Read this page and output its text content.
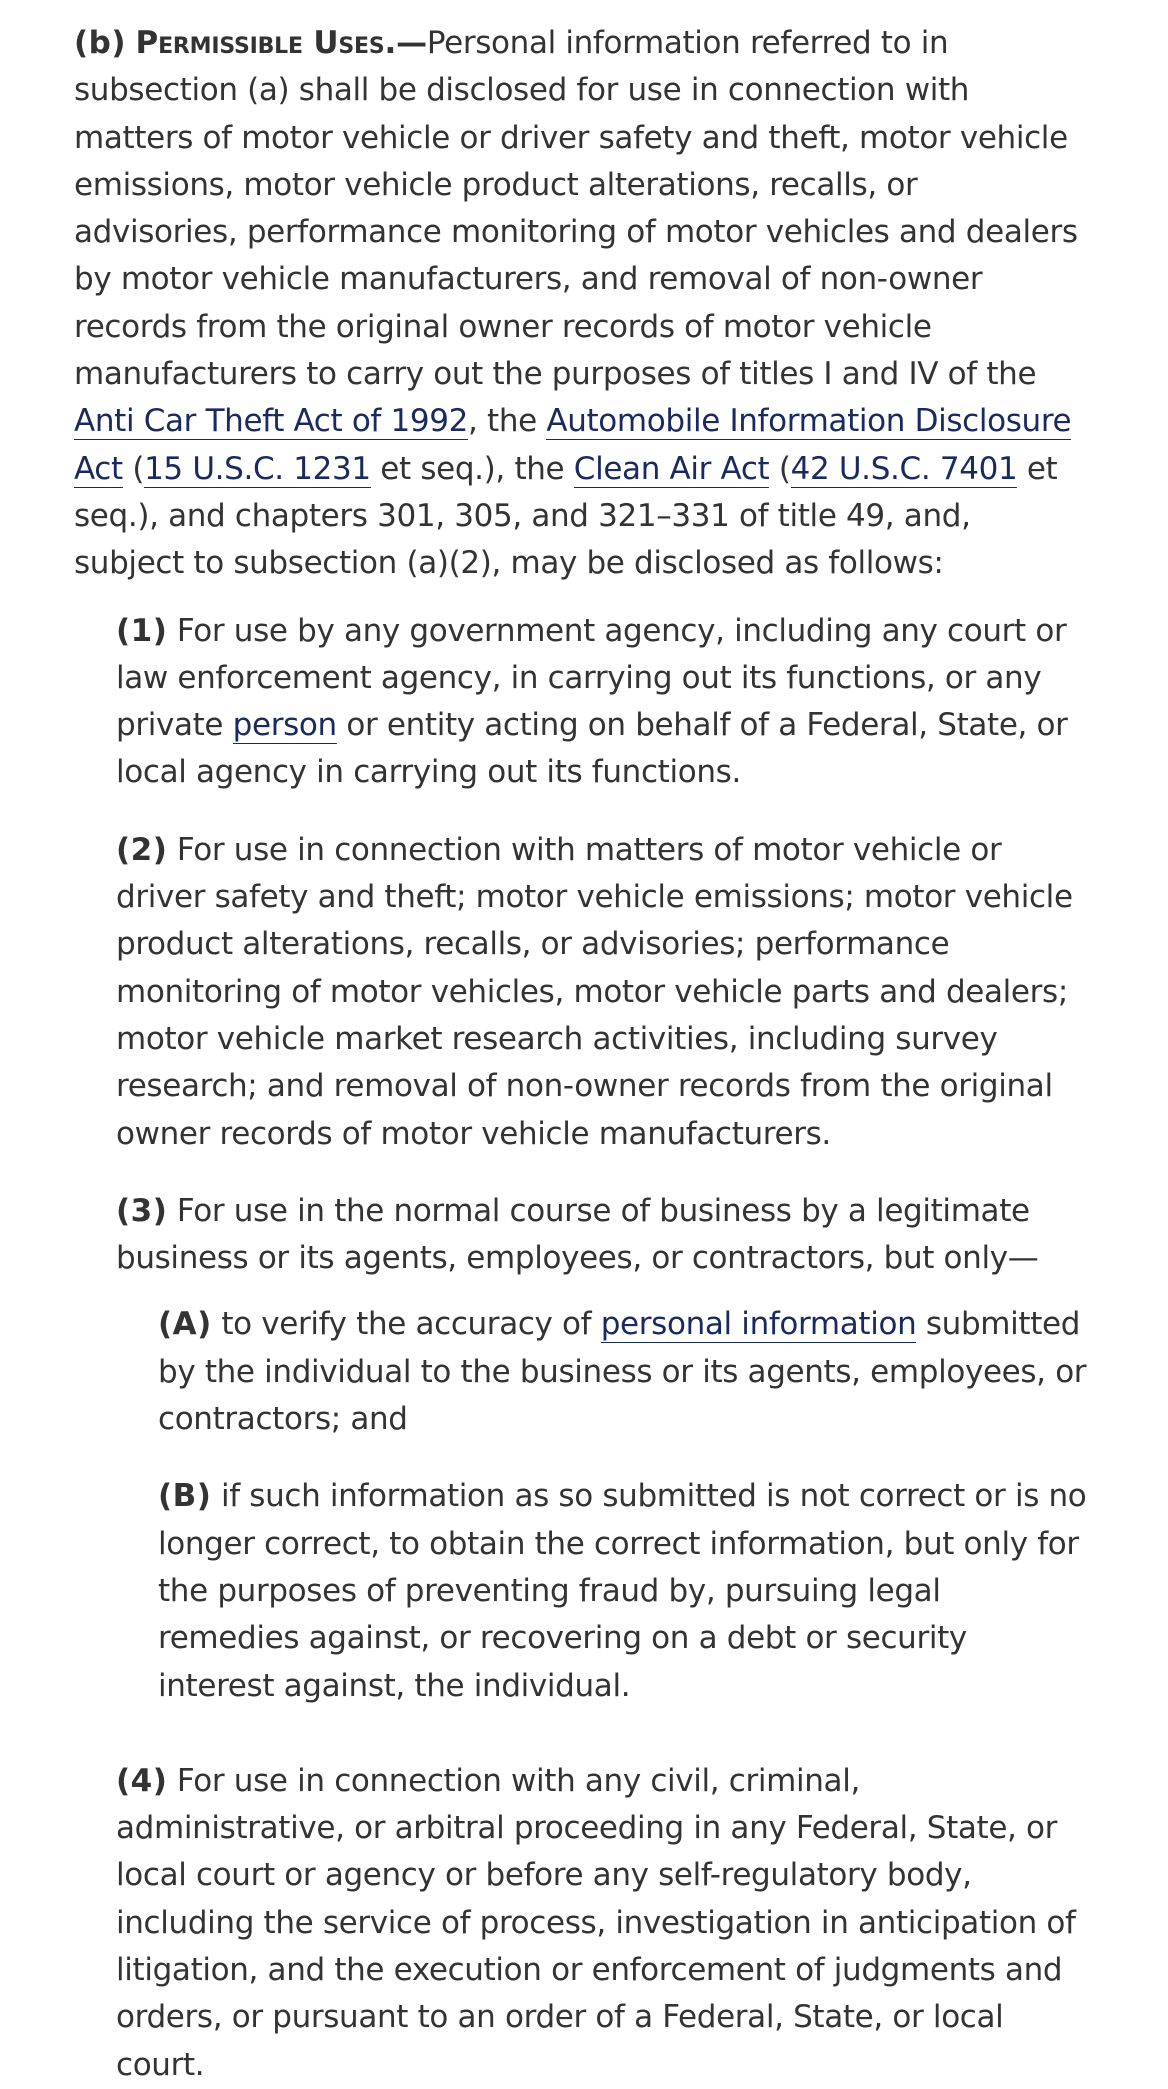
(b) Permissible Uses.—Personal information referred to in subsection (a) shall be disclosed for use in connection with matters of motor vehicle or driver safety and theft, motor vehicle emissions, motor vehicle product alterations, recalls, or advisories, performance monitoring of motor vehicles and dealers by motor vehicle manufacturers, and removal of non-owner records from the original owner records of motor vehicle manufacturers to carry out the purposes of titles I and IV of the Anti Car Theft Act of 1992, the Automobile Information Disclosure Act (15 U.S.C. 1231 et seq.), the Clean Air Act (42 U.S.C. 7401 et seq.), and chapters 301, 305, and 321–331 of title 49, and, subject to subsection (a)(2), may be disclosed as follows:

(1) For use by any government agency, including any court or law enforcement agency, in carrying out its functions, or any private person or entity acting on behalf of a Federal, State, or local agency in carrying out its functions.

(2) For use in connection with matters of motor vehicle or driver safety and theft; motor vehicle emissions; motor vehicle product alterations, recalls, or advisories; performance monitoring of motor vehicles, motor vehicle parts and dealers; motor vehicle market research activities, including survey research; and removal of non-owner records from the original owner records of motor vehicle manufacturers.

(3) For use in the normal course of business by a legitimate business or its agents, employees, or contractors, but only—

(A) to verify the accuracy of personal information submitted by the individual to the business or its agents, employees, or contractors; and

(B) if such information as so submitted is not correct or is no longer correct, to obtain the correct information, but only for the purposes of preventing fraud by, pursuing legal remedies against, or recovering on a debt or security interest against, the individual.

(4) For use in connection with any civil, criminal, administrative, or arbitral proceeding in any Federal, State, or local court or agency or before any self-regulatory body, including the service of process, investigation in anticipation of litigation, and the execution or enforcement of judgments and orders, or pursuant to an order of a Federal, State, or local court.
